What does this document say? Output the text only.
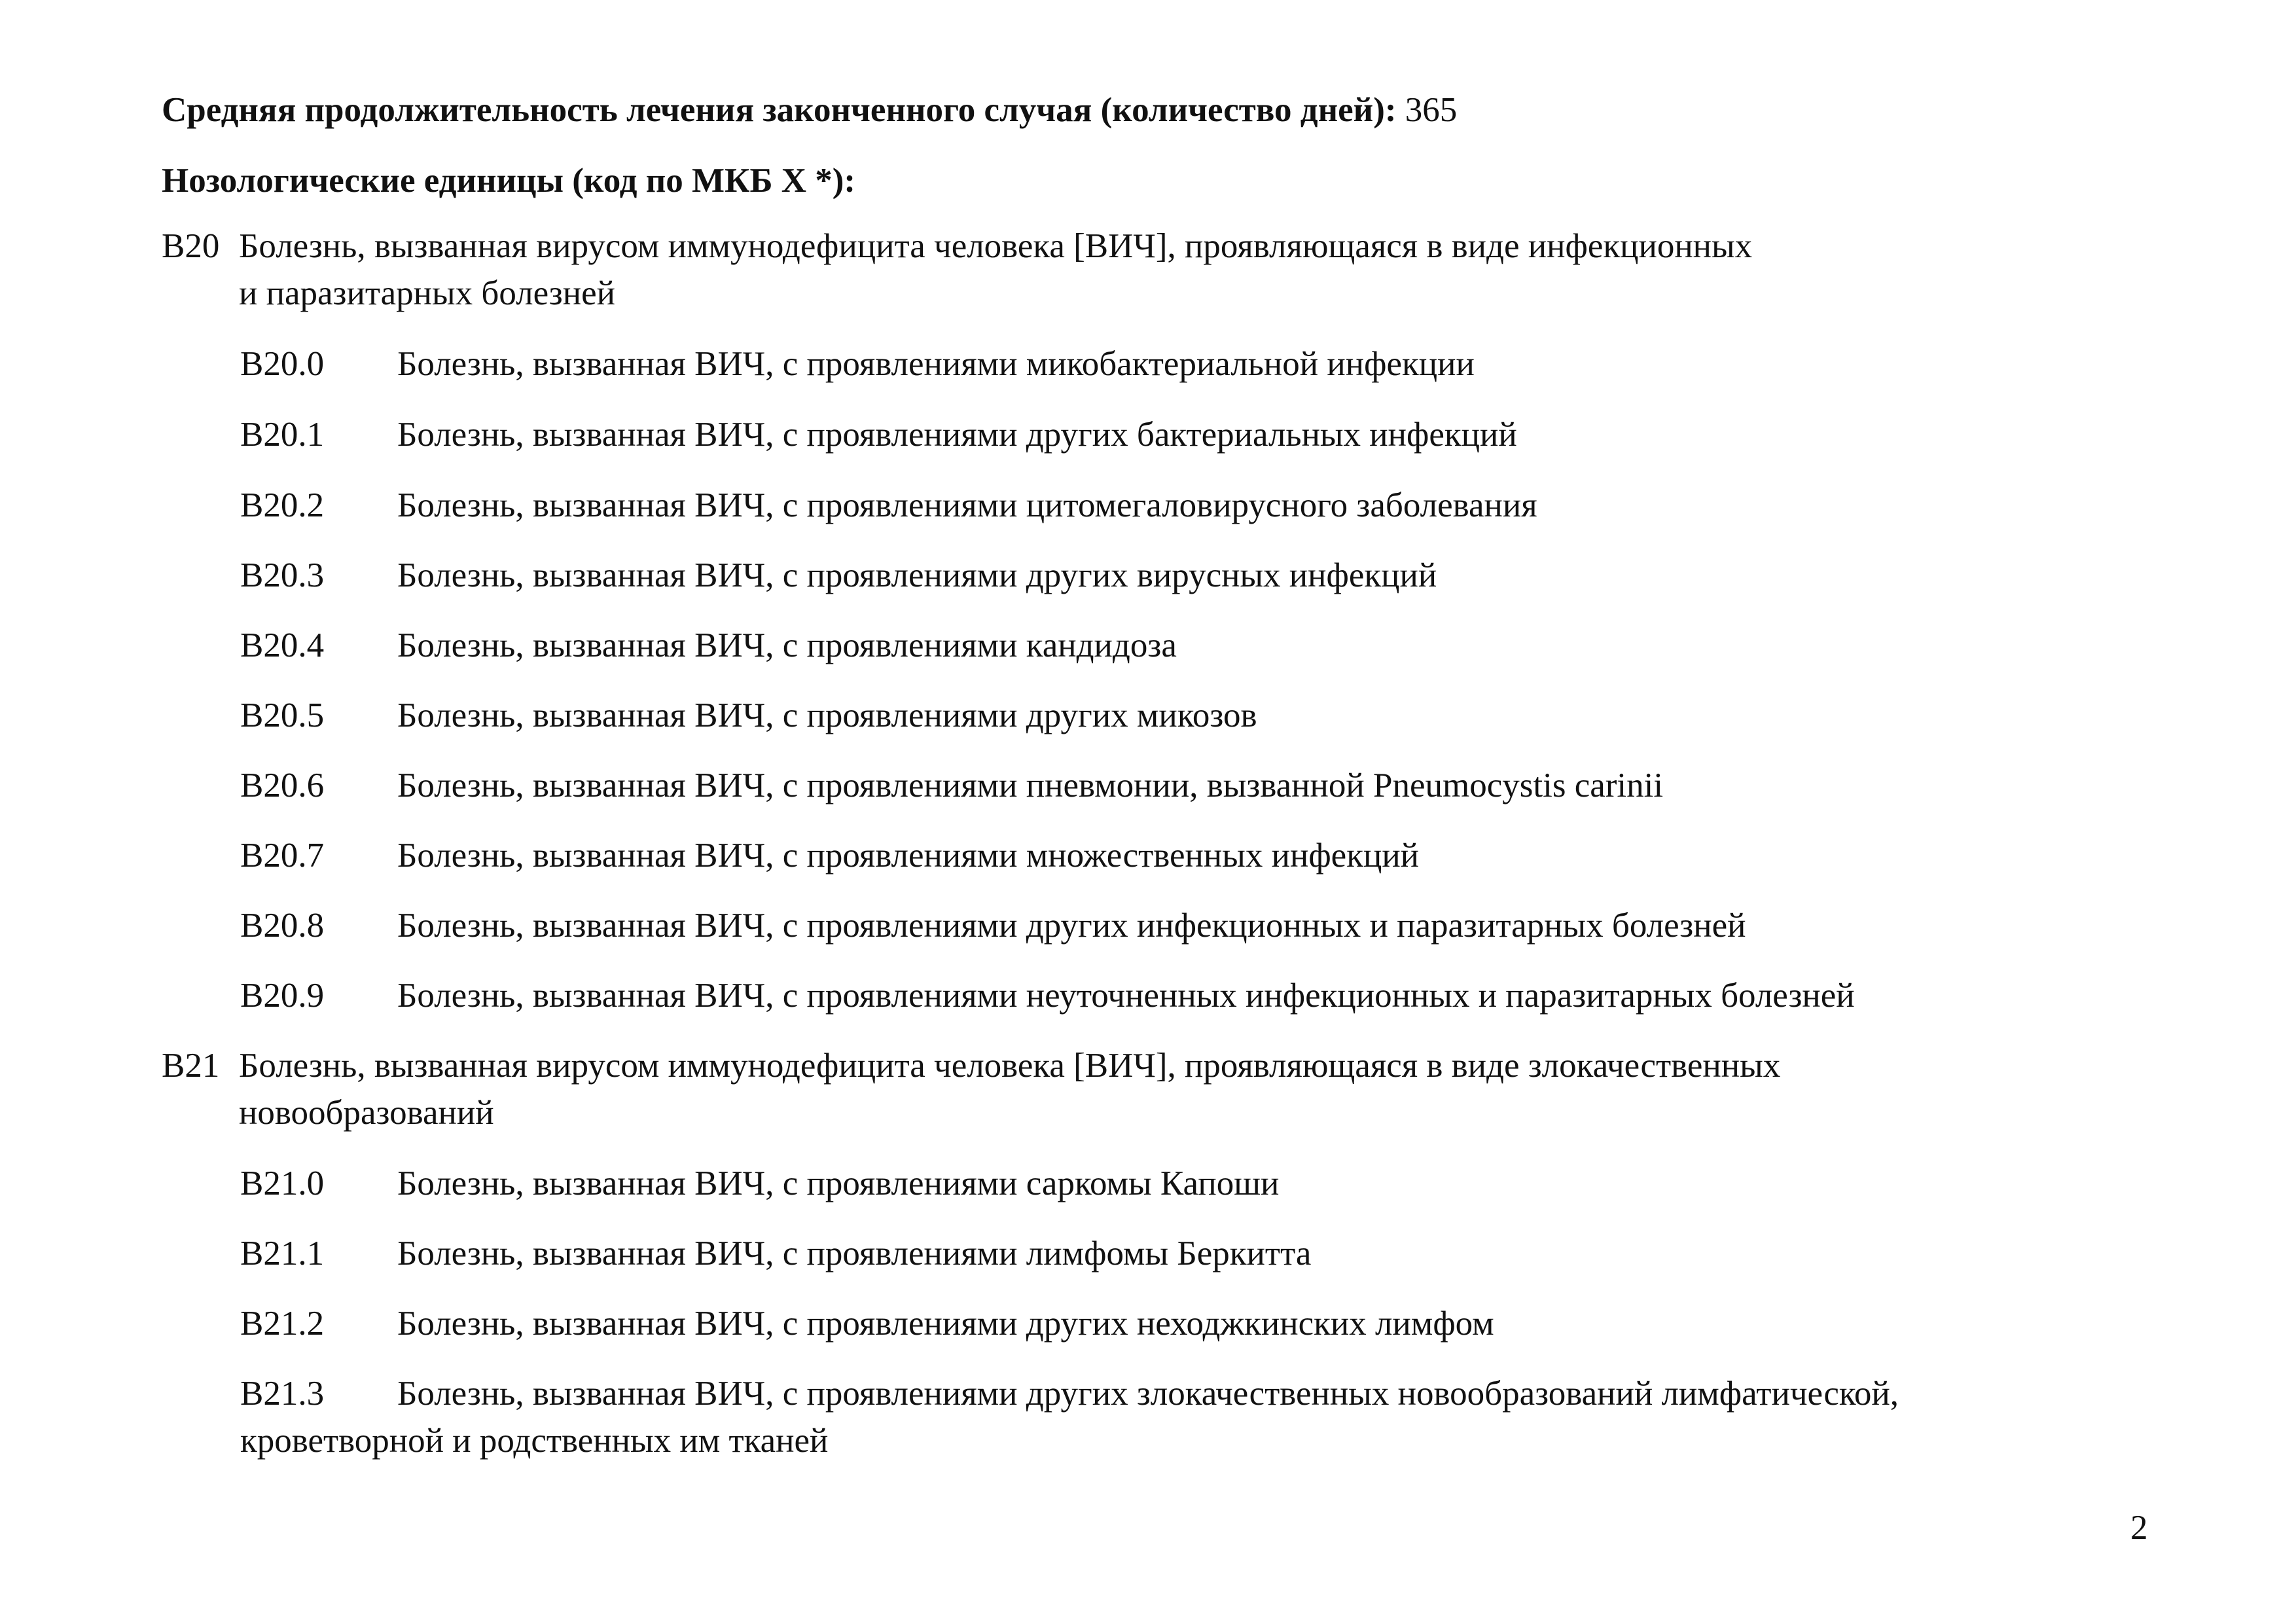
Средняя продолжительность лечения законченного случая (количество дней): 365
Нозологические единицы (код по МКБ X *):
B20 Болезнь, вызванная вирусом иммунодефицита человека [ВИЧ], проявляющаяся в виде инфекционных
и паразитарных болезней
B20.0 Болезнь, вызванная ВИЧ, с проявлениями микобактериальной инфекции
B20.1 Болезнь, вызванная ВИЧ, с проявлениями других бактериальных инфекций
B20.2 Болезнь, вызванная ВИЧ, с проявлениями цитомегаловирусного заболевания
B20.3 Болезнь, вызванная ВИЧ, с проявлениями других вирусных инфекций
B20.4 Болезнь, вызванная ВИЧ, с проявлениями кандидоза
B20.5 Болезнь, вызванная ВИЧ, с проявлениями других микозов
B20.6 Болезнь, вызванная ВИЧ, с проявлениями пневмонии, вызванной Pneumocystis carinii
B20.7 Болезнь, вызванная ВИЧ, с проявлениями множественных инфекций
B20.8 Болезнь, вызванная ВИЧ, с проявлениями других инфекционных и паразитарных болезней
B20.9 Болезнь, вызванная ВИЧ, с проявлениями неуточненных инфекционных и паразитарных болезней
B21 Болезнь, вызванная вирусом иммунодефицита человека [ВИЧ], проявляющаяся в виде злокачественных
новообразований
B21.0 Болезнь, вызванная ВИЧ, с проявлениями саркомы Капоши
B21.1 Болезнь, вызванная ВИЧ, с проявлениями лимфомы Беркитта
B21.2 Болезнь, вызванная ВИЧ, с проявлениями других неходжкинских лимфом
B21.3 Болезнь, вызванная ВИЧ, с проявлениями других злокачественных новообразований лимфатической,
кроветворной и родственных им тканей
2
